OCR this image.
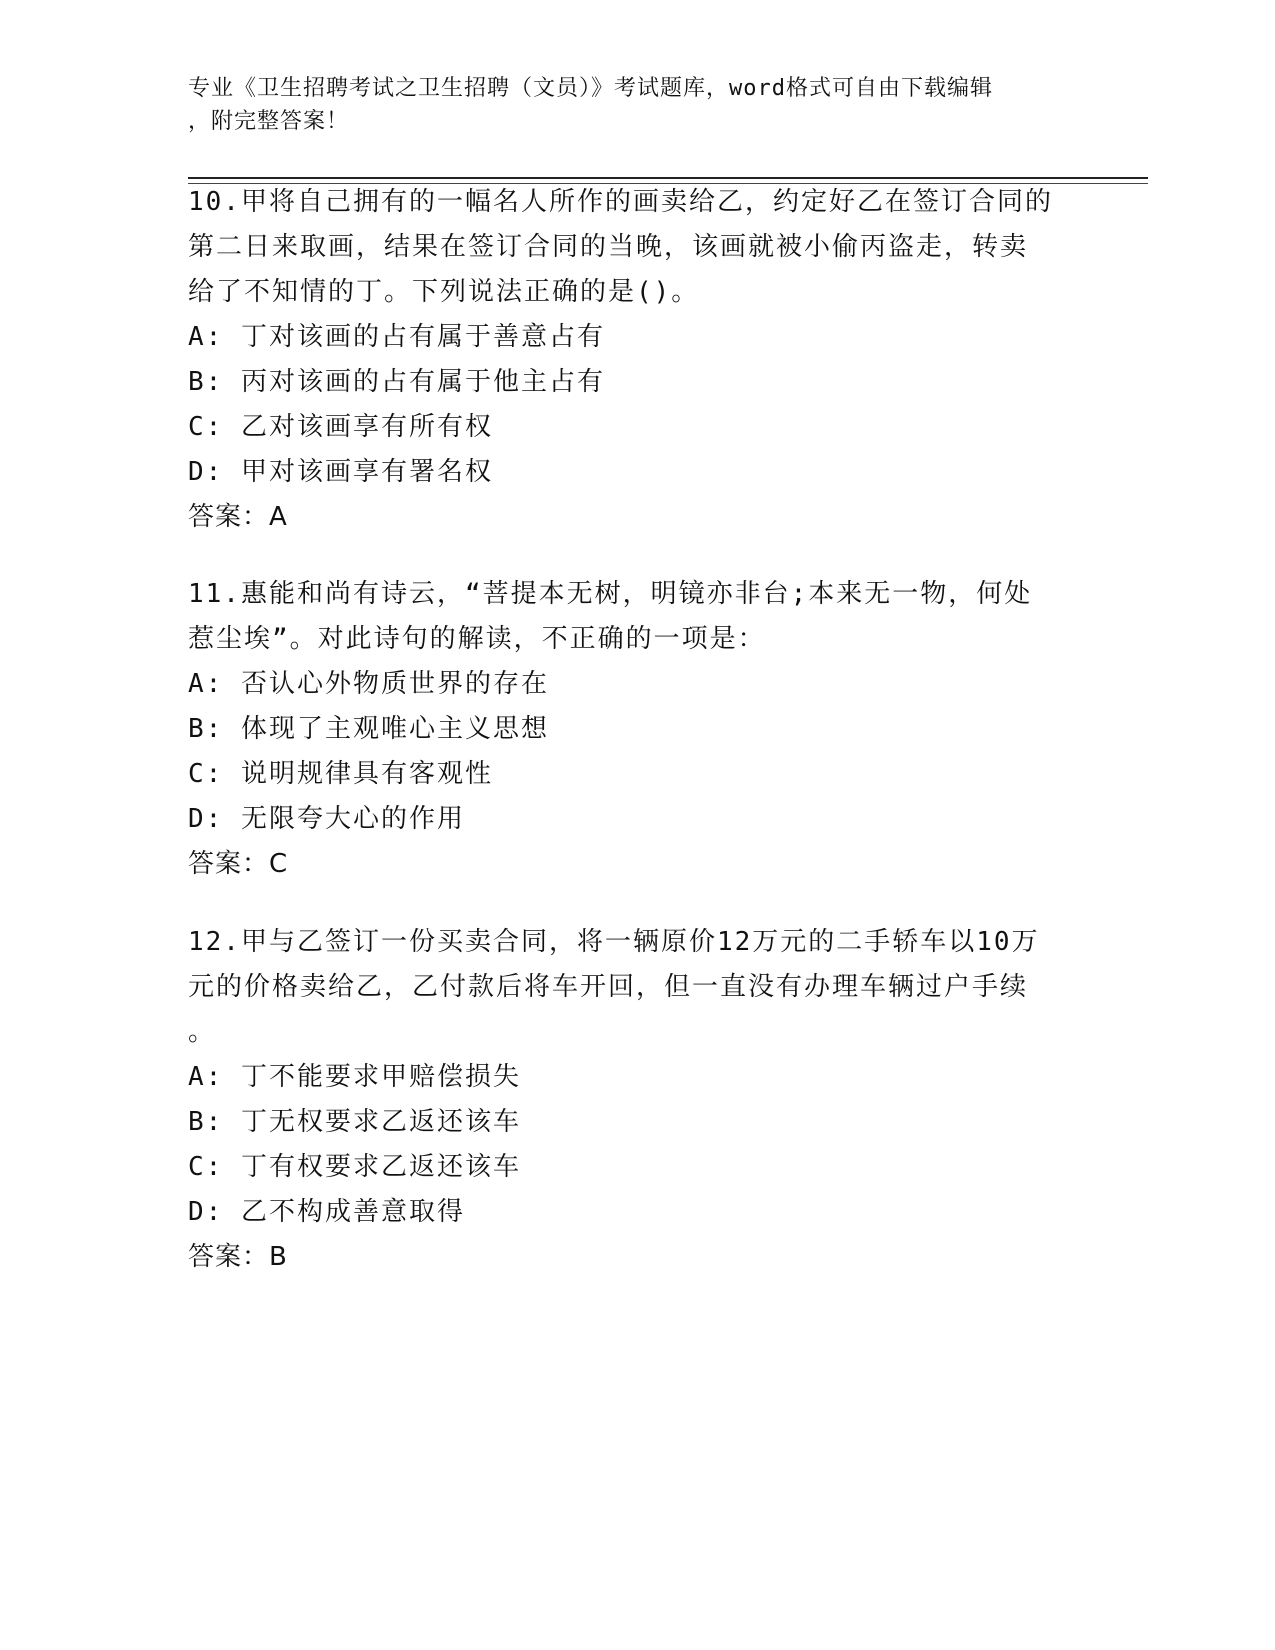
专业《卫生招聘考试之卫生招聘（文员）》考试题库，word格式可自由下载编辑
，附完整答案！
10.甲将自己拥有的一幅名人所作的画卖给乙，约定好乙在签订合同的
第二日来取画，结果在签订合同的当晚，该画就被小偷丙盗走，转卖
给了不知情的丁。下列说法正确的是()。
A: 丁对该画的占有属于善意占有
B: 丙对该画的占有属于他主占有
C: 乙对该画享有所有权
D: 甲对该画享有署名权
答案：A
11.惠能和尚有诗云，“菩提本无树，明镜亦非台;本来无一物，何处
惹尘埃”。对此诗句的解读，不正确的一项是：
A: 否认心外物质世界的存在
B: 体现了主观唯心主义思想
C: 说明规律具有客观性
D: 无限夸大心的作用
答案：C
12.甲与乙签订一份买卖合同，将一辆原价12万元的二手轿车以10万
元的价格卖给乙，乙付款后将车开回，但一直没有办理车辆过户手续
。
A: 丁不能要求甲赔偿损失
B: 丁无权要求乙返还该车
C: 丁有权要求乙返还该车
D: 乙不构成善意取得
答案：B
